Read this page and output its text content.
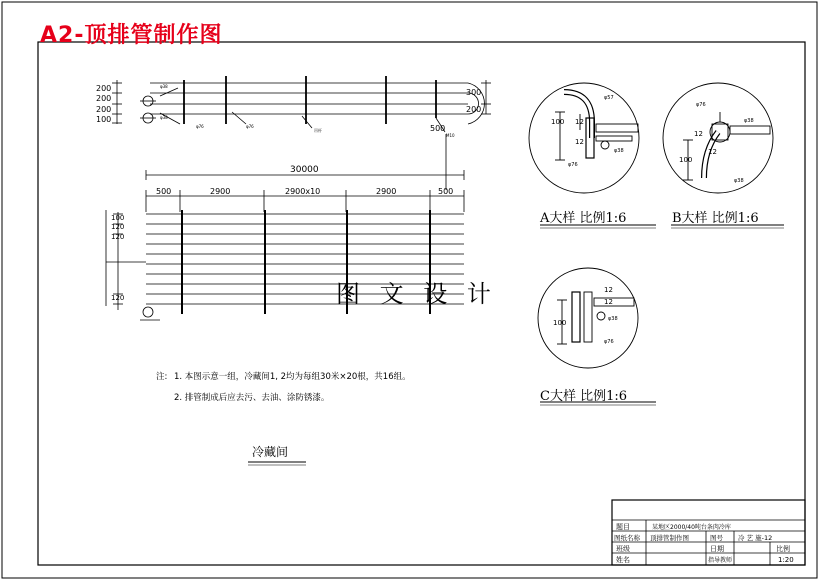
200
200
200
100
300
200
500
φ38
φ38
φ76	φ76
吊杆
M10
30000
500	2900	2900x10	2900	500
100
120
120
120
100 12
12
φ57
φ76
φ38
100
12
12
φ76
φ38
φ38
100
12
12
φ38
φ76
题目	某地区2000/40吨台条肉冷库
图纸名称 顶排管制作图	图号 冷 艺 施-12
班级	日期	比例
姓名	指导教师	1:20
A2-顶排管制作图
图 文 设 计
注: 1. 本图示意一组，冷藏间1, 2均为每组30米×20根，共16组。
2. 排管制成后应去污、去油、涂防锈漆。
A大样 比例1:6	B大样 比例1:6
C大样 比例1:6
冷藏间
